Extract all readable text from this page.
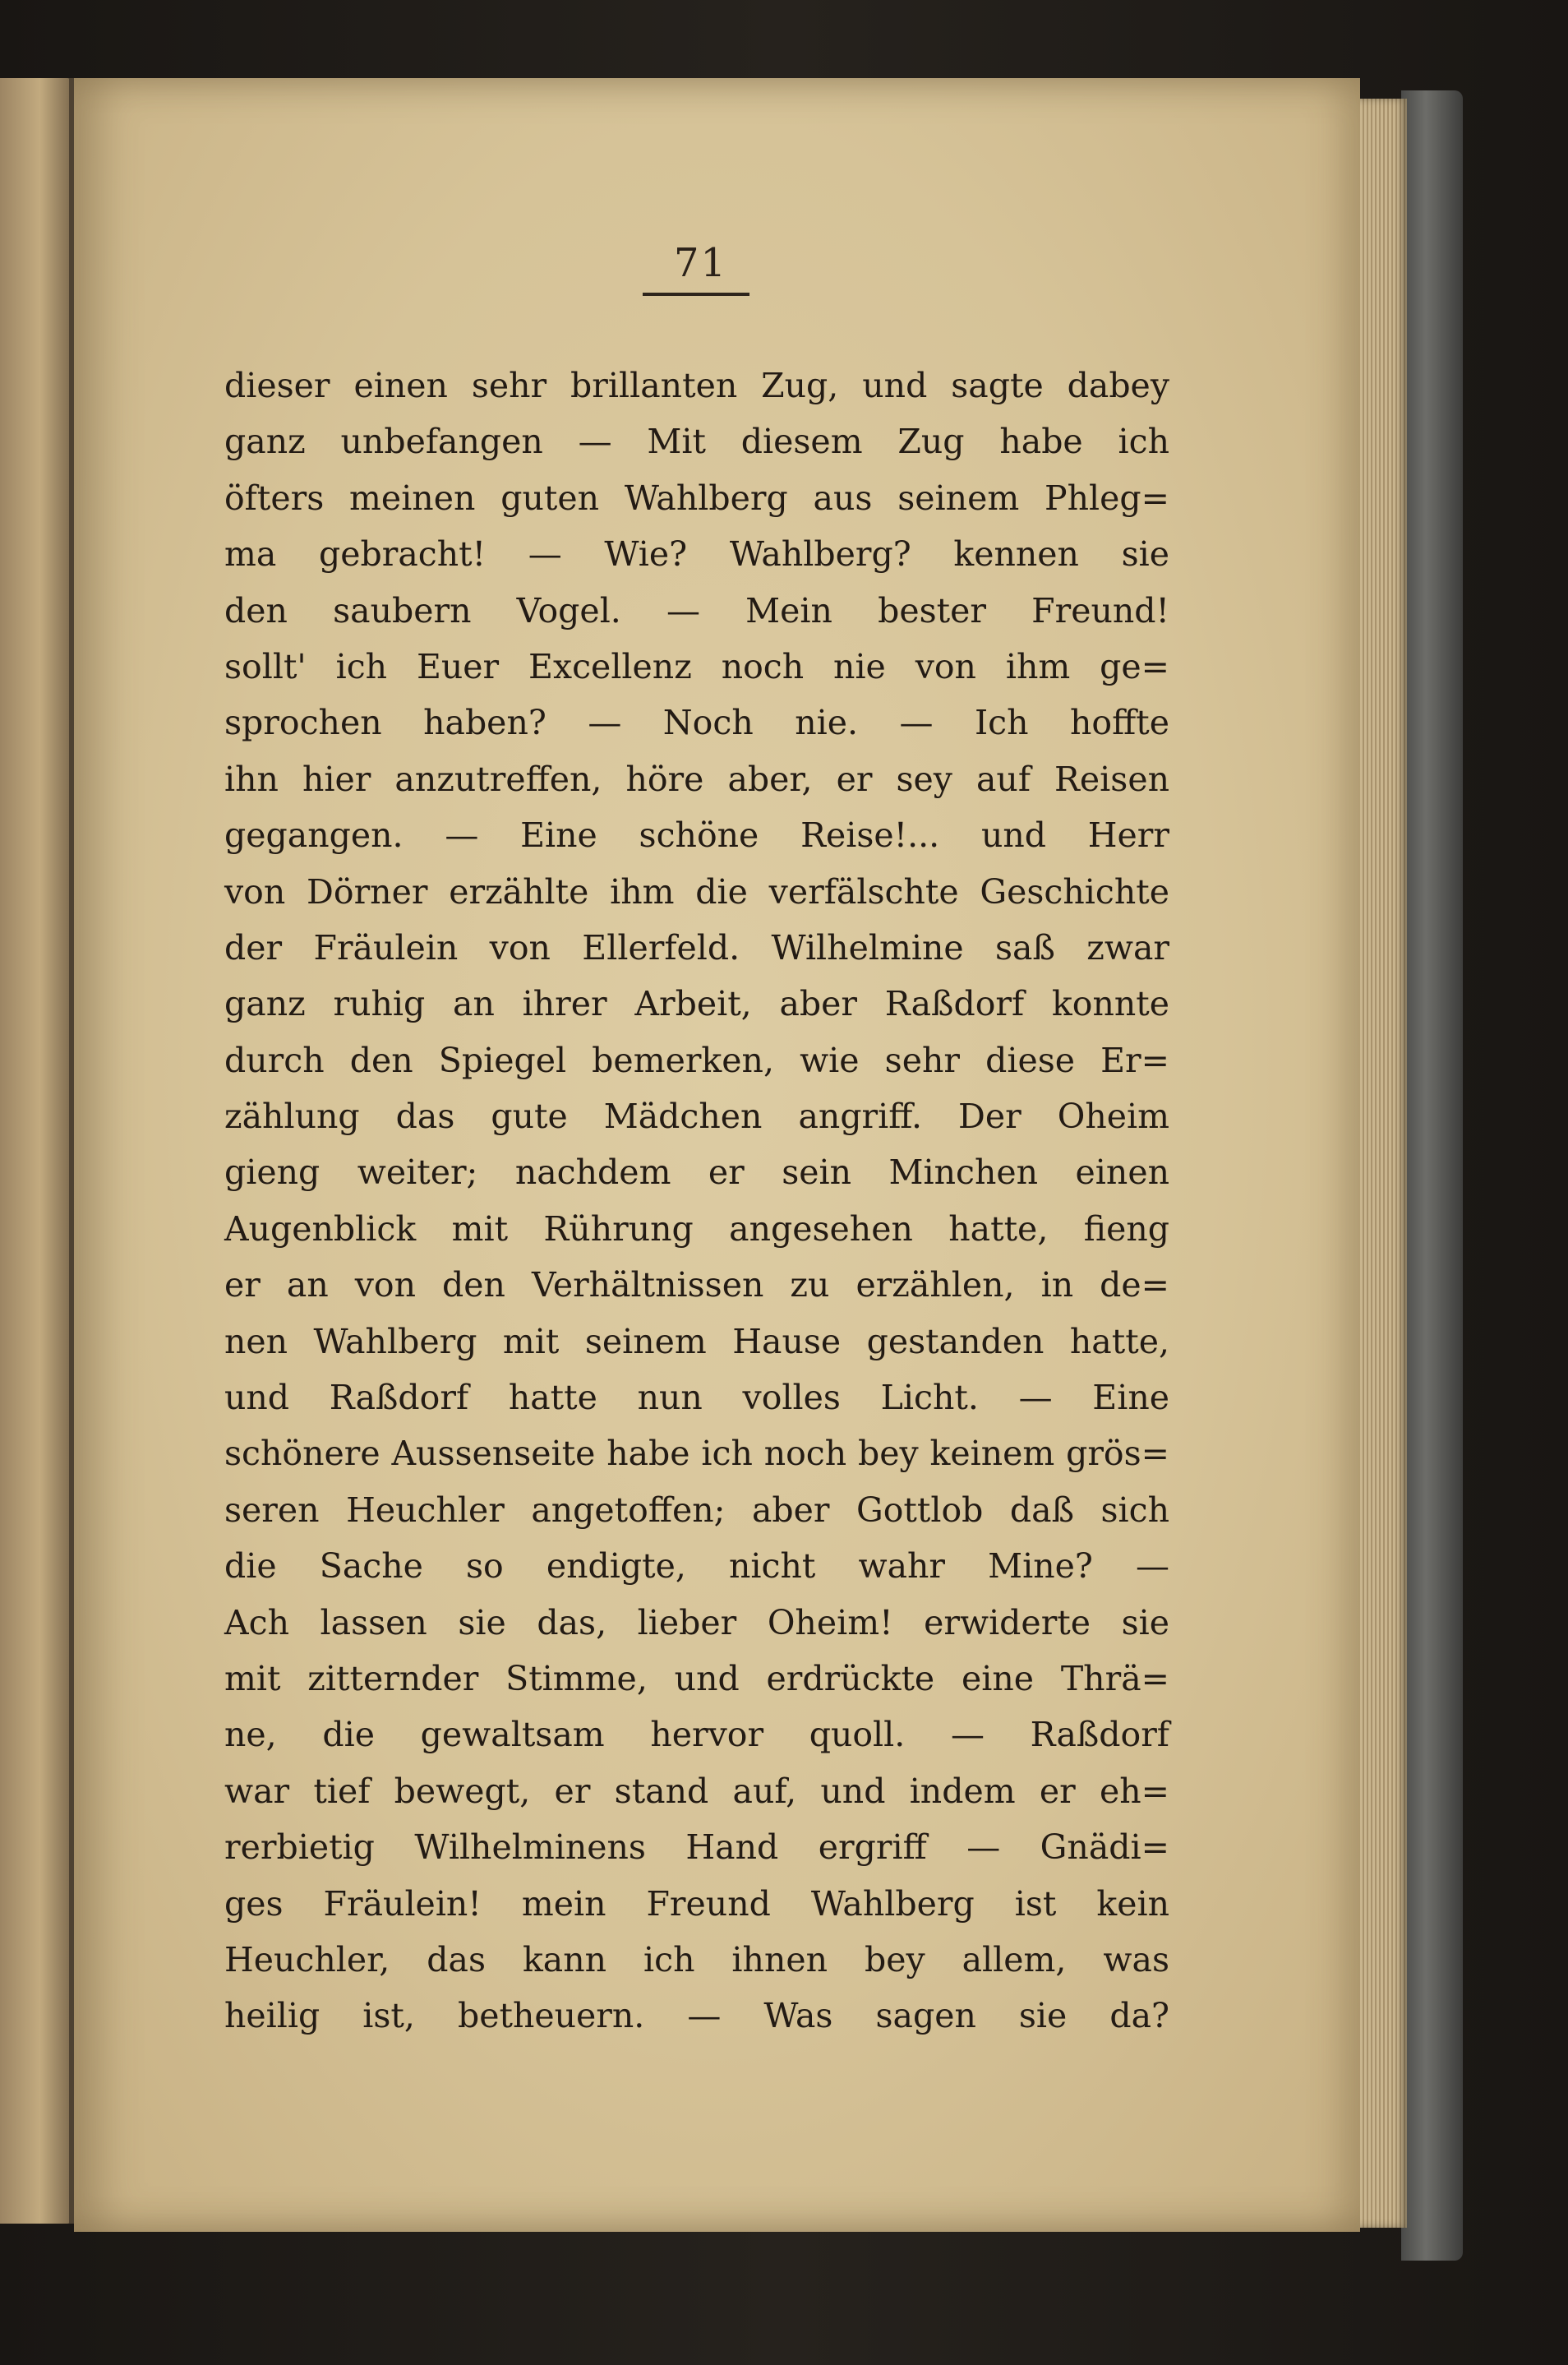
71
dieser einen sehr brillanten Zug, und sagte dabey
ganz unbefangen — Mit diesem Zug habe ich
öfters meinen guten Wahlberg aus seinem Phleg=
ma gebracht! — Wie? Wahlberg? kennen sie
den saubern Vogel. — Mein bester Freund!
sollt' ich Euer Excellenz noch nie von ihm ge=
sprochen haben? — Noch nie. — Ich hoffte
ihn hier anzutreffen, höre aber, er sey auf Reisen
gegangen. — Eine schöne Reise!... und Herr
von Dörner erzählte ihm die verfälschte Geschichte
der Fräulein von Ellerfeld. Wilhelmine saß zwar
ganz ruhig an ihrer Arbeit, aber Raßdorf konnte
durch den Spiegel bemerken, wie sehr diese Er=
zählung das gute Mädchen angriff. Der Oheim
gieng weiter; nachdem er sein Minchen einen
Augenblick mit Rührung angesehen hatte, fieng
er an von den Verhältnissen zu erzählen, in de=
nen Wahlberg mit seinem Hause gestanden hatte,
und Raßdorf hatte nun volles Licht. — Eine
schönere Aussenseite habe ich noch bey keinem grös=
seren Heuchler angetoffen; aber Gottlob daß sich
die Sache so endigte, nicht wahr Mine? —
Ach lassen sie das, lieber Oheim! erwiderte sie
mit zitternder Stimme, und erdrückte eine Thrä=
ne, die gewaltsam hervor quoll. — Raßdorf
war tief bewegt, er stand auf, und indem er eh=
rerbietig Wilhelminens Hand ergriff — Gnädi=
ges Fräulein! mein Freund Wahlberg ist kein
Heuchler, das kann ich ihnen bey allem, was
heilig ist, betheuern. — Was sagen sie da?
